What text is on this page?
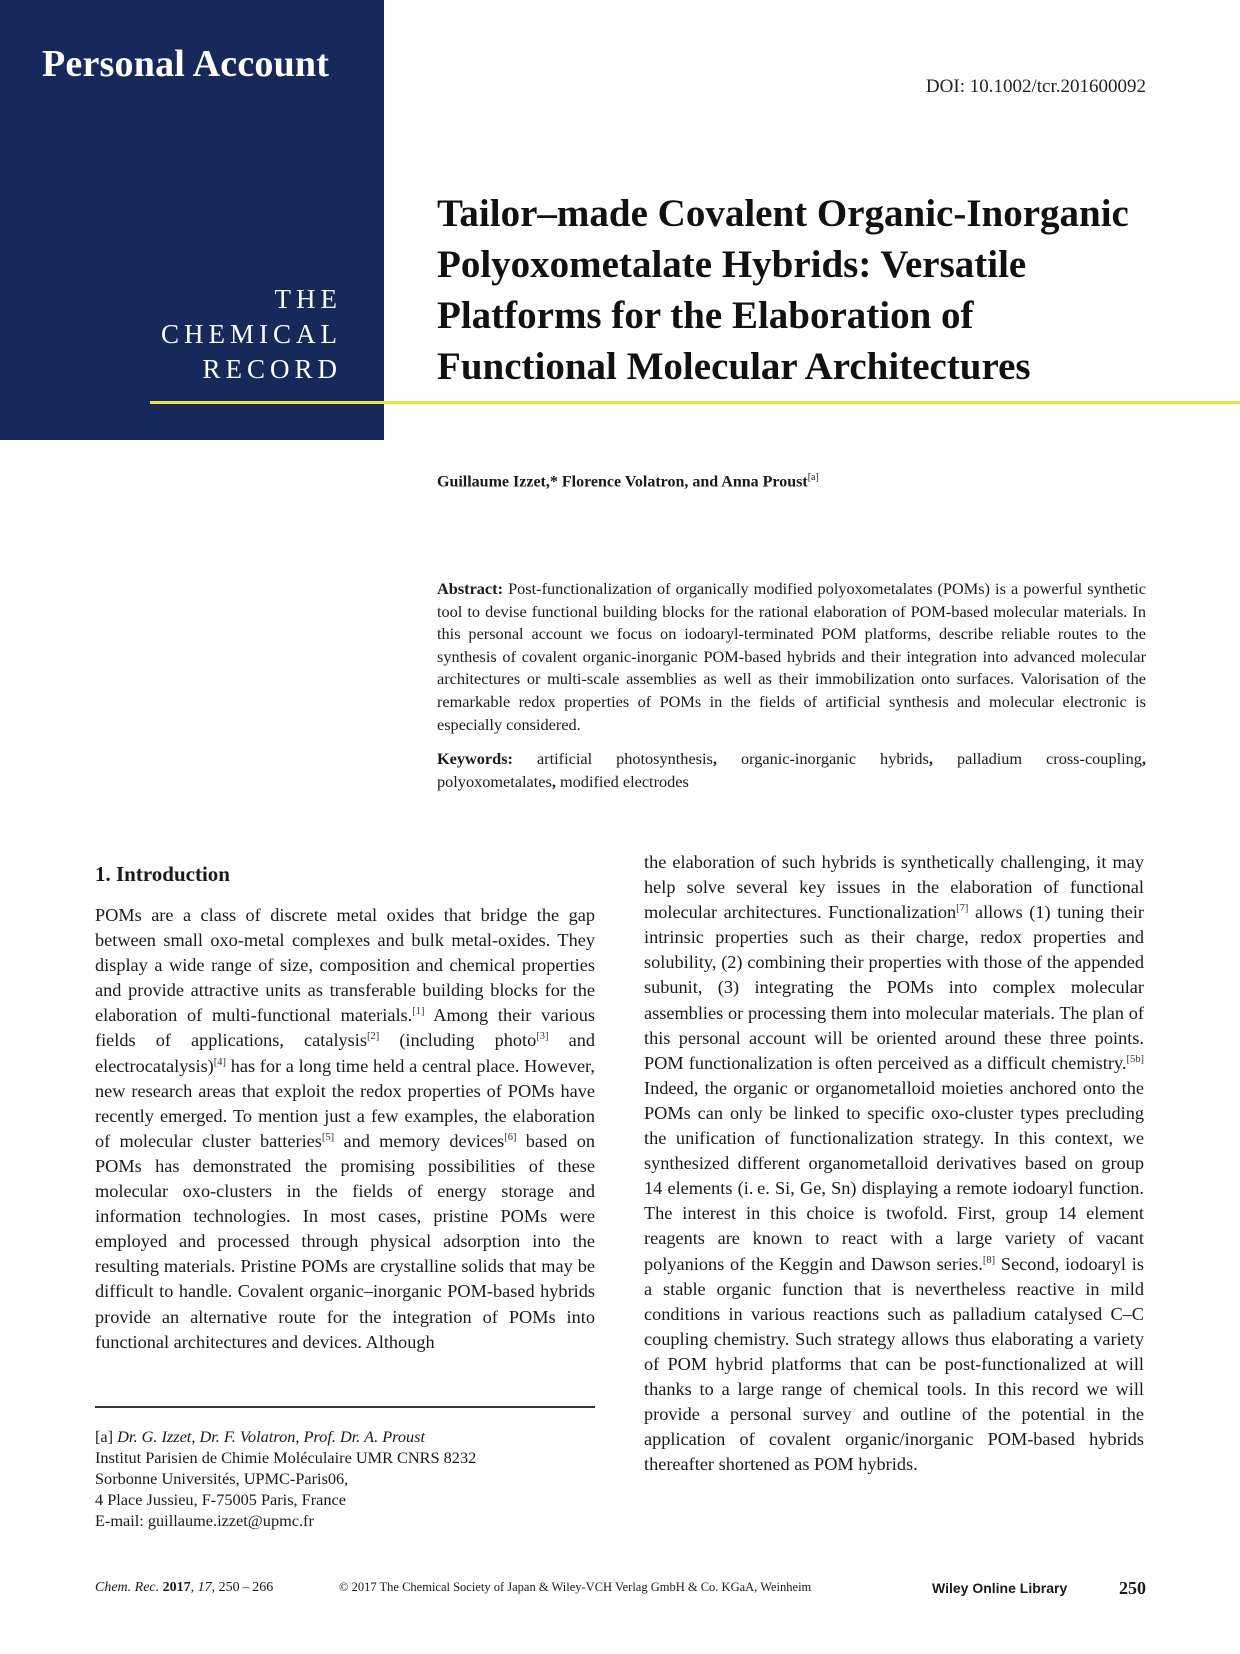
Personal Account
THE
CHEMICAL
RECORD
DOI: 10.1002/tcr.201600092
Tailor–made Covalent Organic-Inorganic
Polyoxometalate Hybrids: Versatile
Platforms for the Elaboration of
Functional Molecular Architectures
Guillaume Izzet,* Florence Volatron, and Anna Proust[a]
Abstract: Post-functionalization of organically modified polyoxometalates (POMs) is a powerful synthetic tool to devise functional building blocks for the rational elaboration of POM-based molecular materials. In this personal account we focus on iodoaryl-terminated POM platforms, describe reliable routes to the synthesis of covalent organic-inorganic POM-based hybrids and their integration into advanced molecular architectures or multi-scale assemblies as well as their immobilization onto surfaces. Valorisation of the remarkable redox properties of POMs in the fields of artificial synthesis and molecular electronic is especially considered.
Keywords: artificial photosynthesis, organic-inorganic hybrids, palladium cross-coupling, polyoxometalates, modified electrodes
1. Introduction
POMs are a class of discrete metal oxides that bridge the gap between small oxo-metal complexes and bulk metal-oxides. They display a wide range of size, composition and chemical properties and provide attractive units as transferable building blocks for the elaboration of multi-functional materials.[1] Among their various fields of applications, catalysis[2] (including photo[3] and electrocatalysis)[4] has for a long time held a central place. However, new research areas that exploit the redox properties of POMs have recently emerged. To mention just a few examples, the elaboration of molecular cluster batteries[5] and memory devices[6] based on POMs has demonstrated the promising possibilities of these molecular oxo-clusters in the fields of energy storage and information technologies. In most cases, pristine POMs were employed and processed through physical adsorption into the resulting materials. Pristine POMs are crystalline solids that may be difficult to handle. Covalent organic–inorganic POM-based hybrids provide an alternative route for the integration of POMs into functional architectures and devices. Although
the elaboration of such hybrids is synthetically challenging, it may help solve several key issues in the elaboration of functional molecular architectures. Functionalization[7] allows (1) tuning their intrinsic properties such as their charge, redox properties and solubility, (2) combining their properties with those of the appended subunit, (3) integrating the POMs into complex molecular assemblies or processing them into molecular materials. The plan of this personal account will be oriented around these three points. POM functionalization is often perceived as a difficult chemistry.[5b] Indeed, the organic or organometalloid moieties anchored onto the POMs can only be linked to specific oxo-cluster types precluding the unification of functionalization strategy. In this context, we synthesized different organometalloid derivatives based on group 14 elements (i. e. Si, Ge, Sn) displaying a remote iodoaryl function. The interest in this choice is twofold. First, group 14 element reagents are known to react with a large variety of vacant polyanions of the Keggin and Dawson series.[8] Second, iodoaryl is a stable organic function that is nevertheless reactive in mild conditions in various reactions such as palladium catalysed C–C coupling chemistry. Such strategy allows thus elaborating a variety of POM hybrid platforms that can be post-functionalized at will thanks to a large range of chemical tools. In this record we will provide a personal survey and outline of the potential in the application of covalent organic/inorganic POM-based hybrids thereafter shortened as POM hybrids.
[a] Dr. G. Izzet, Dr. F. Volatron, Prof. Dr. A. Proust
Institut Parisien de Chimie Moléculaire UMR CNRS 8232
Sorbonne Universités, UPMC-Paris06,
4 Place Jussieu, F-75005 Paris, France
E-mail: guillaume.izzet@upmc.fr
Chem. Rec. 2017, 17, 250 – 266	© 2017 The Chemical Society of Japan & Wiley-VCH Verlag GmbH & Co. KGaA, Weinheim	Wiley Online Library	250
